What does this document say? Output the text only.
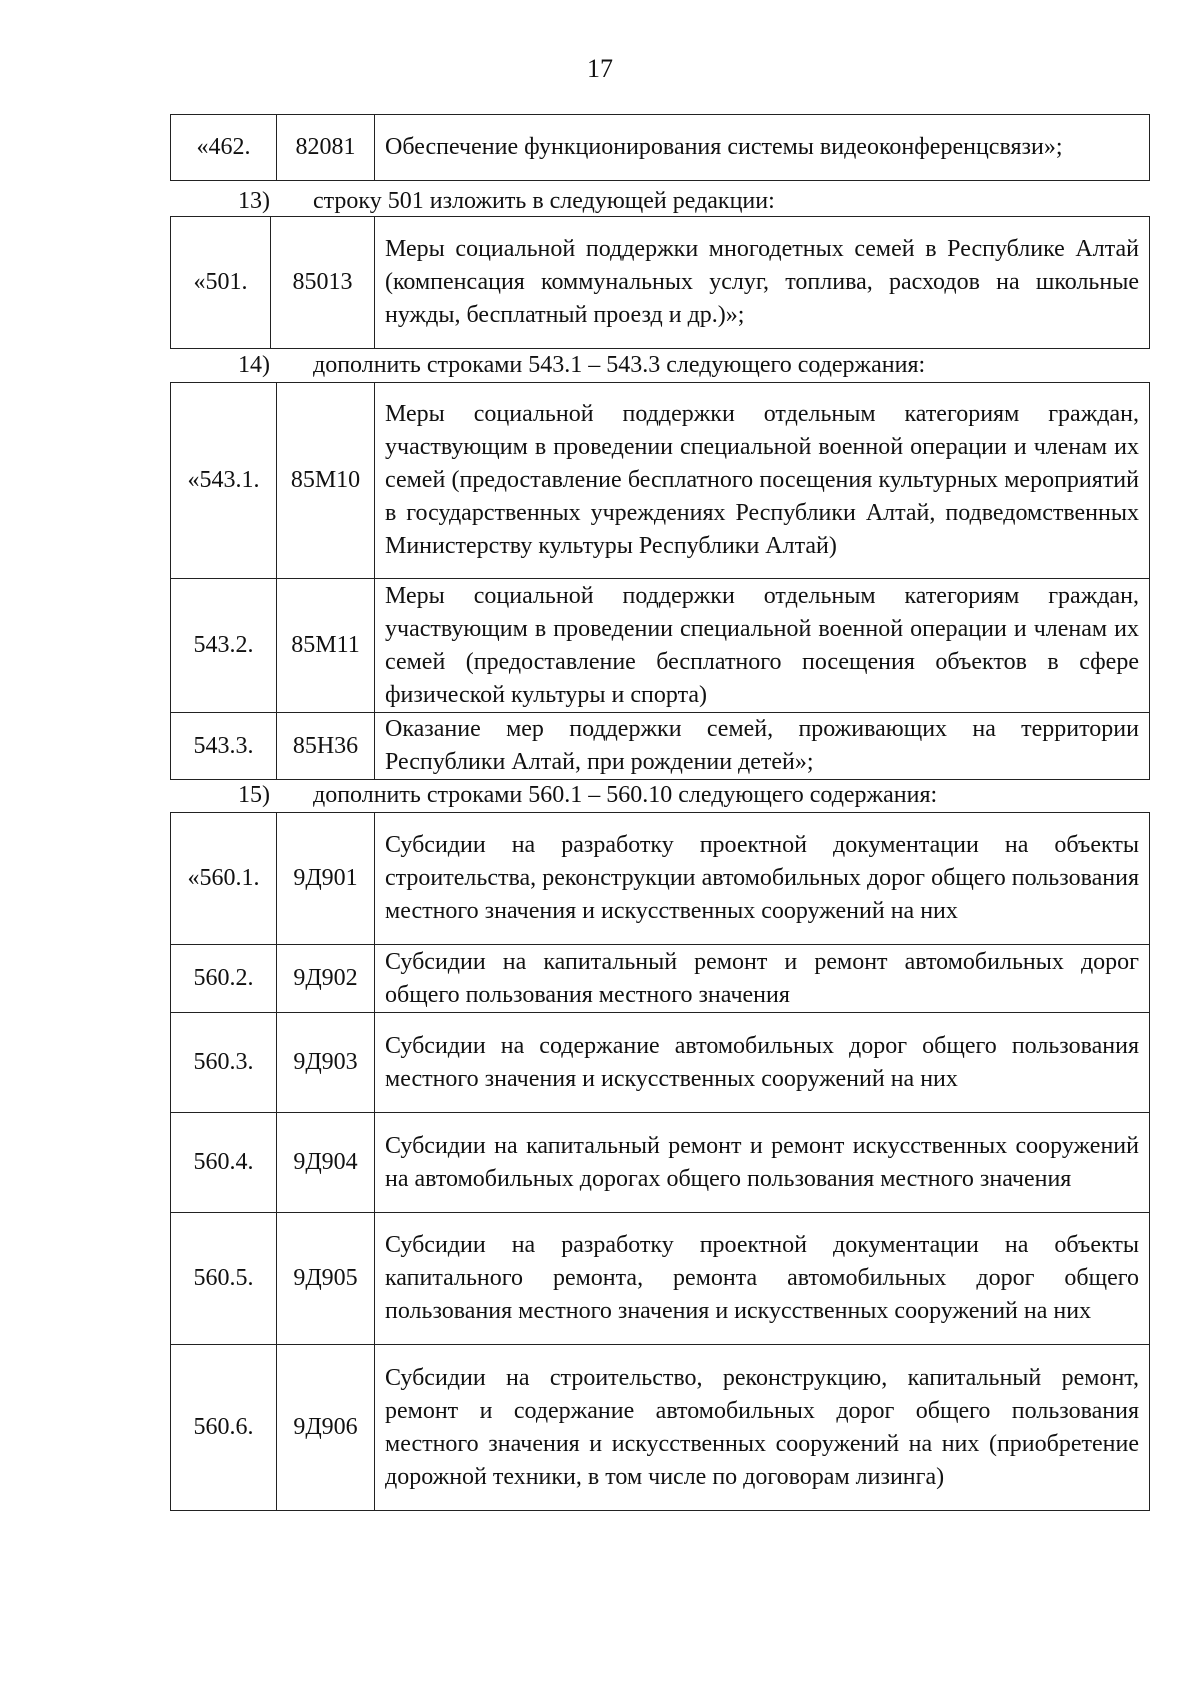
17
«462.	82081	Обеспечение функционирования системы видеоконференцсвязи»;
13) строку 501 изложить в следующей редакции:
«501.	85013	Меры социальной поддержки многодетных семей в Республике Алтай (компенсация коммунальных услуг, топлива, расходов на школьные нужды, бесплатный проезд и др.)»;
14) дополнить строками 543.1 – 543.3 следующего содержания:
«543.1.	85М10	Меры социальной поддержки отдельным категориям граждан, участвующим в проведении специальной военной операции и членам их семей (предоставление бесплатного посещения культурных мероприятий в государственных учреждениях Республики Алтай, подведомственных Министерству культуры Республики Алтай)
543.2.	85М11	Меры социальной поддержки отдельным категориям граждан, участвующим в проведении специальной военной операции и членам их семей (предоставление бесплатного посещения объектов в сфере физической культуры и спорта)
543.3.	85Н36	Оказание мер поддержки семей, проживающих на территории Республики Алтай, при рождении детей»;
15) дополнить строками 560.1 – 560.10 следующего содержания:
«560.1.	9Д901	Субсидии на разработку проектной документации на объекты строительства, реконструкции автомобильных дорог общего пользования местного значения и искусственных сооружений на них
560.2.	9Д902	Субсидии на капитальный ремонт и ремонт автомобильных дорог общего пользования местного значения
560.3.	9Д903	Субсидии на содержание автомобильных дорог общего пользования местного значения и искусственных сооружений на них
560.4.	9Д904	Субсидии на капитальный ремонт и ремонт искусственных сооружений на автомобильных дорогах общего пользования местного значения
560.5.	9Д905	Субсидии на разработку проектной документации на объекты капитального ремонта, ремонта автомобильных дорог общего пользования местного значения и искусственных сооружений на них
560.6.	9Д906	Субсидии на строительство, реконструкцию, капитальный ремонт, ремонт и содержание автомобильных дорог общего пользования местного значения и искусственных сооружений на них (приобретение дорожной техники, в том числе по договорам лизинга)
